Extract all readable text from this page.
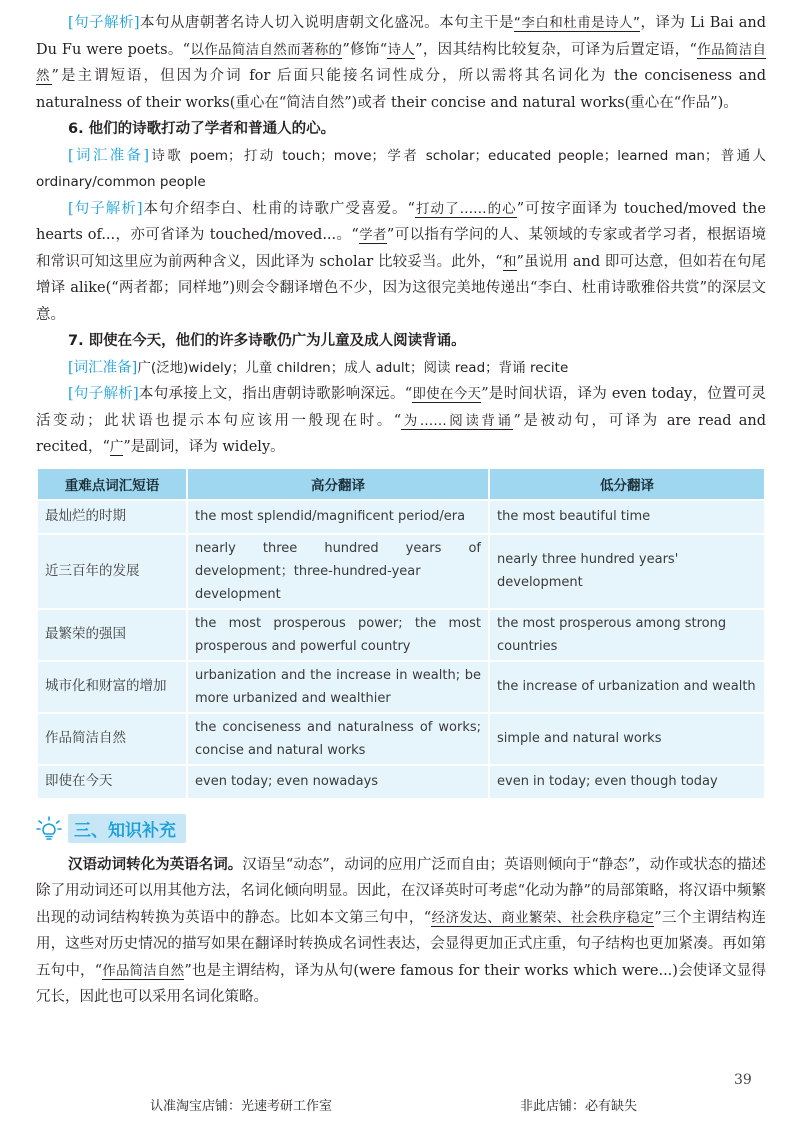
[句子解析]本句从唐朝著名诗人切入说明唐朝文化盛况。本句主干是“李白和杜甫是诗人”，译为 Li Bai and Du Fu were poets。“以作品简洁自然而著称的”修饰“诗人”，因其结构比较复杂，可译为后置定语，“作品简洁自然”是主谓短语，但因为介词 for 后面只能接名词性成分，所以需将其名词化为 the conciseness and naturalness of their works(重心在“简洁自然”)或者 their concise and natural works(重心在“作品”)。

6. 他们的诗歌打动了学者和普通人的心。

[词汇准备]诗歌 poem；打动 touch；move；学者 scholar；educated people；learned man；普通人 ordinary/common people

[句子解析]本句介绍李白、杜甫的诗歌广受喜爱。“打动了……的心”可按字面译为 touched/moved the hearts of...，亦可省译为 touched/moved...。“学者”可以指有学问的人、某领域的专家或者学习者，根据语境和常识可知这里应为前两种含义，因此译为 scholar 比较妥当。此外，“和”虽说用 and 即可达意，但如若在句尾增译 alike(“两者都；同样地”)则会令翻译增色不少，因为这很完美地传递出“李白、杜甫诗歌雅俗共赏”的深层文意。

7. 即使在今天，他们的许多诗歌仍广为儿童及成人阅读背诵。

[词汇准备]广(泛地)widely；儿童 children；成人 adult；阅读 read；背诵 recite

[句子解析]本句承接上文，指出唐朝诗歌影响深远。“即使在今天”是时间状语，译为 even today，位置可灵活变动；此状语也提示本句应该用一般现在时。“为……阅读背诵”是被动句，可译为 are read and recited，“广”是副词，译为 widely。

重难点词汇短语	高分翻译	低分翻译
最灿烂的时期	the most splendid/magnificent period/era	the most beautiful time
近三百年的发展	nearly three hundred years of development；three-hundred-year development	nearly three hundred years' development
最繁荣的强国	the most prosperous power; the most prosperous and powerful country	the most prosperous among strong countries
城市化和财富的增加	urbanization and the increase in wealth; be more urbanized and wealthier	the increase of urbanization and wealth
作品简洁自然	the conciseness and naturalness of works; concise and natural works	simple and natural works
即使在今天	even today; even nowadays	even in today; even though today
三、知识补充

汉语动词转化为英语名词。汉语呈“动态”，动词的应用广泛而自由；英语则倾向于“静态”，动作或状态的描述除了用动词还可以用其他方法，名词化倾向明显。因此，在汉译英时可考虑“化动为静”的局部策略，将汉语中频繁出现的动词结构转换为英语中的静态。比如本文第三句中，“经济发达、商业繁荣、社会秩序稳定”三个主谓结构连用，这些对历史情况的描写如果在翻译时转换成名词性表达，会显得更加正式庄重，句子结构也更加紧凑。再如第五句中，“作品简洁自然”也是主谓结构，译为从句(were famous for their works which were...)会使译文显得冗长，因此也可以采用名词化策略。

39
认准淘宝店铺：光速考研工作室	非此店铺：必有缺失
